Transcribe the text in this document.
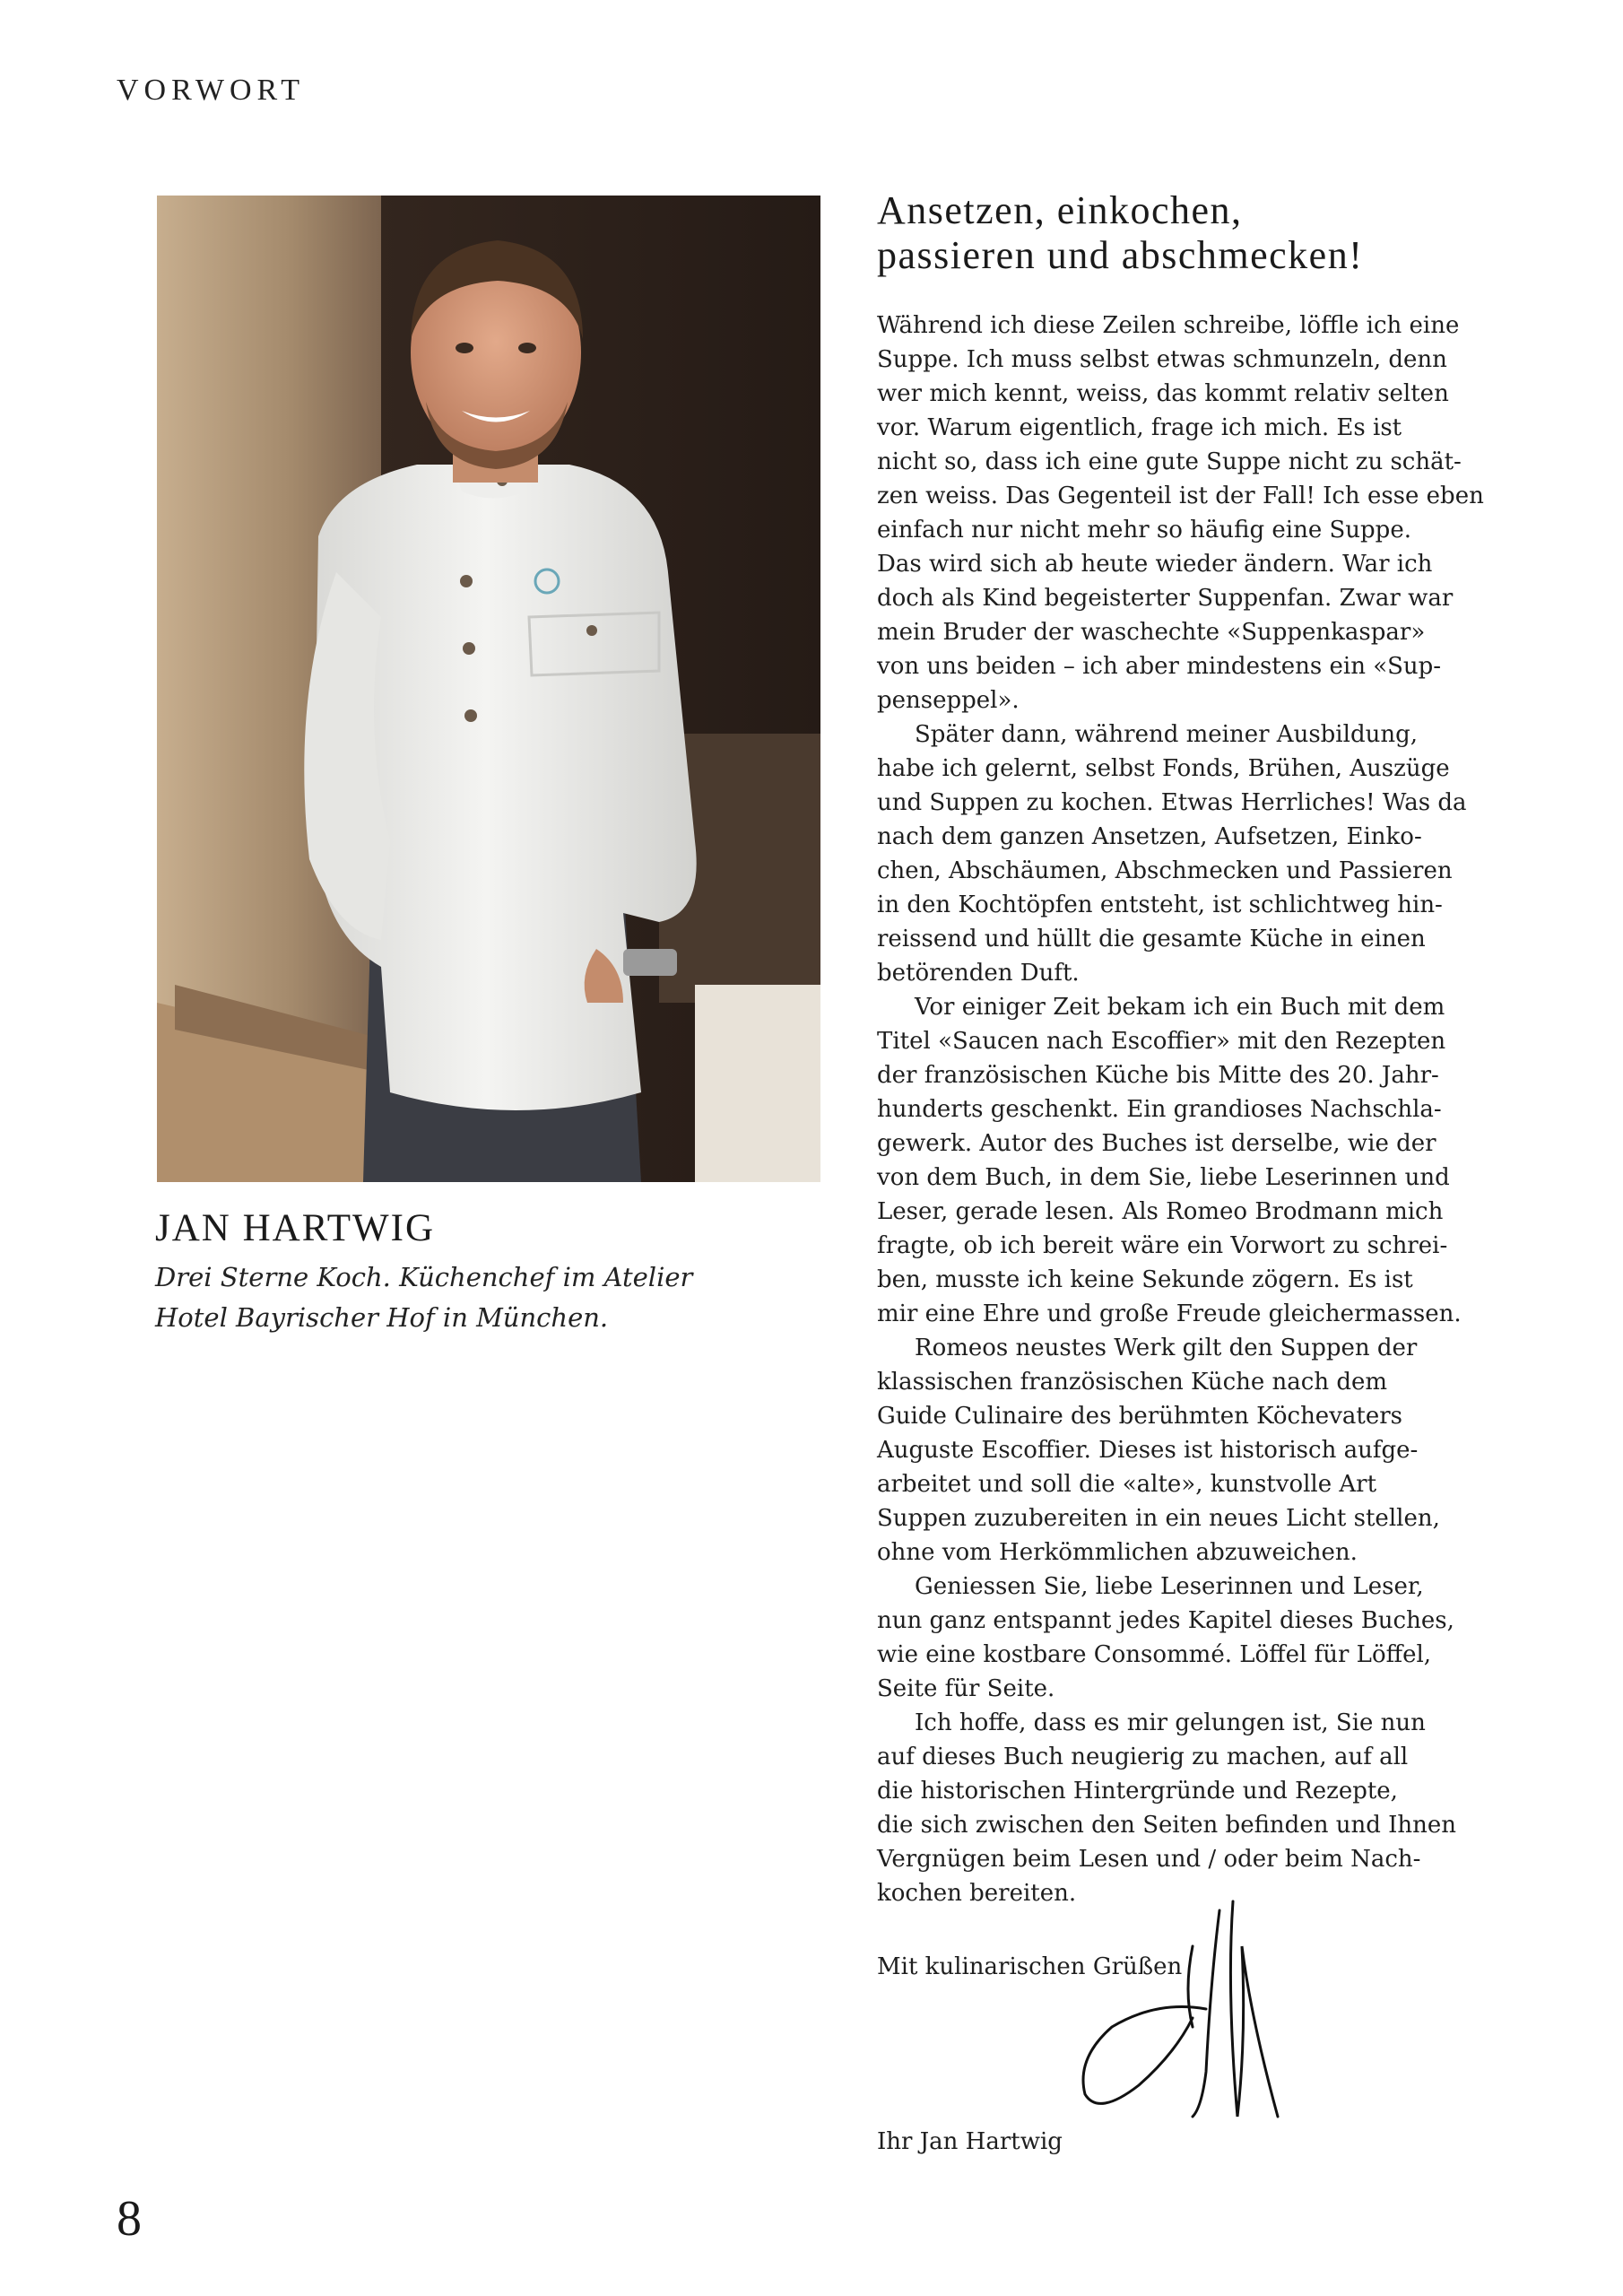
VORWORT
JAN HARTWIG
Drei Sterne Koch. Küchenchef im Atelier
Hotel Bayrischer Hof in München.
Ansetzen, einkochen,
passieren und abschmecken!

Während ich diese Zeilen schreibe, löffle ich eine
Suppe. Ich muss selbst etwas schmunzeln, denn
wer mich kennt, weiss, das kommt relativ selten
vor. Warum eigentlich, frage ich mich. Es ist
nicht so, dass ich eine gute Suppe nicht zu schät-
zen weiss. Das Gegenteil ist der Fall! Ich esse eben
einfach nur nicht mehr so häufig eine Suppe.
Das wird sich ab heute wieder ändern. War ich
doch als Kind begeisterter Suppenfan. Zwar war
mein Bruder der waschechte «Suppenkaspar»
von uns beiden – ich aber mindestens ein «Sup-
penseppel».

Später dann, während meiner Ausbildung,
habe ich gelernt, selbst Fonds, Brühen, Auszüge
und Suppen zu kochen. Etwas Herrliches! Was da
nach dem ganzen Ansetzen, Aufsetzen, Einko-
chen, Abschäumen, Abschmecken und Passieren
in den Kochtöpfen entsteht, ist schlichtweg hin-
reissend und hüllt die gesamte Küche in einen
betörenden Duft.

Vor einiger Zeit bekam ich ein Buch mit dem
Titel «Saucen nach Escoffier» mit den Rezepten
der französischen Küche bis Mitte des 20. Jahr-
hunderts geschenkt. Ein grandioses Nachschla-
gewerk. Autor des Buches ist derselbe, wie der
von dem Buch, in dem Sie, liebe Leserinnen und
Leser, gerade lesen. Als Romeo Brodmann mich
fragte, ob ich bereit wäre ein Vorwort zu schrei-
ben, musste ich keine Sekunde zögern. Es ist
mir eine Ehre und große Freude gleichermassen.

Romeos neustes Werk gilt den Suppen der
klassischen französischen Küche nach dem
Guide Culinaire des berühmten Köchevaters
Auguste Escoffier. Dieses ist historisch aufge-
arbeitet und soll die «alte», kunstvolle Art
Suppen zuzubereiten in ein neues Licht stellen,
ohne vom Herkömmlichen abzuweichen.

Geniessen Sie, liebe Leserinnen und Leser,
nun ganz entspannt jedes Kapitel dieses Buches,
wie eine kostbare Consommé. Löffel für Löffel,
Seite für Seite.

Ich hoffe, dass es mir gelungen ist, Sie nun
auf dieses Buch neugierig zu machen, auf all
die historischen Hintergründe und Rezepte,
die sich zwischen den Seiten befinden und Ihnen
Vergnügen beim Lesen und / oder beim Nach-
kochen bereiten.

Mit kulinarischen Grüßen
Ihr Jan Hartwig
8
